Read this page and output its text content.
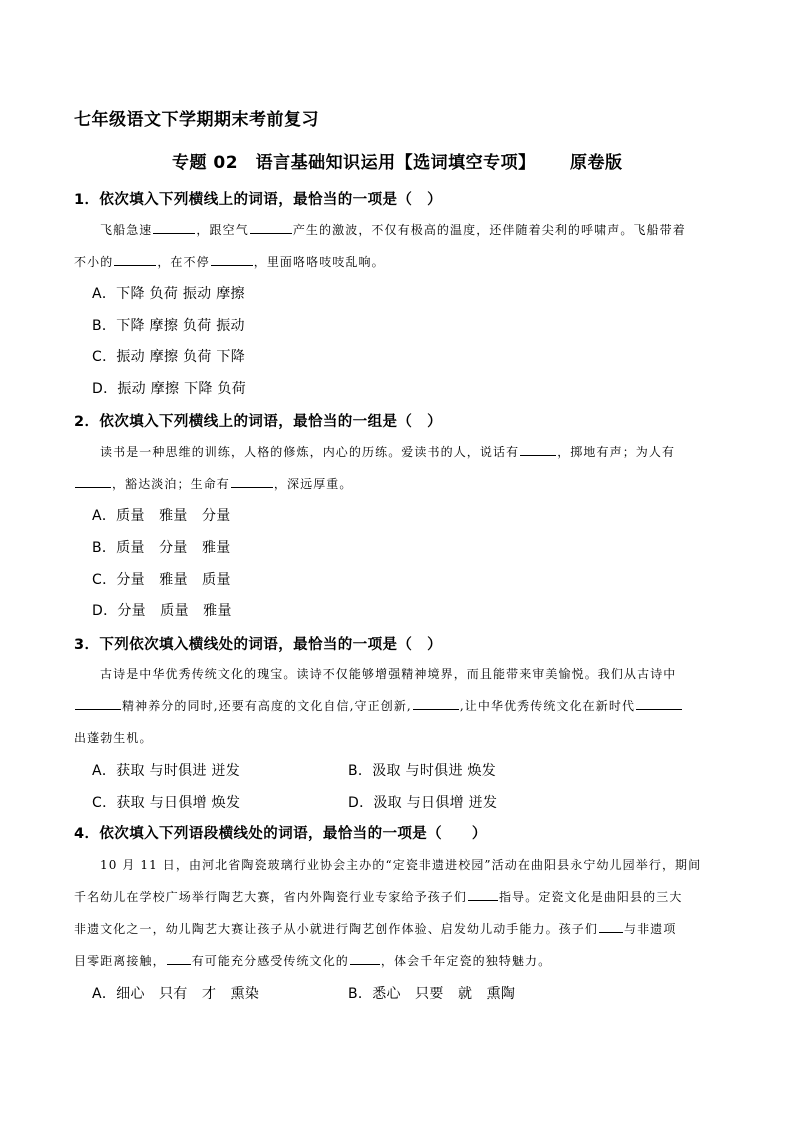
七年级语文下学期期末考前复习
专题 02　语言基础知识运用【选词填空专项】 原卷版
1．依次填入下列横线上的词语，最恰当的一项是（　）
飞船急速	，跟空气	产生的激波，不仅有极高的温度，还伴随着尖利的呼啸声。飞船带着
不小的	，在不停	，里面咯咯吱吱乱响。
A．下降 负荷 振动 摩擦
B．下降 摩擦 负荷 振动
C．振动 摩擦 负荷 下降
D．振动 摩擦 下降 负荷
2．依次填入下列横线上的词语，最恰当的一组是（　）
读书是一种思维的训练，人格的修炼，内心的历练。爱读书的人，说话有	，掷地有声；为人有
，豁达淡泊；生命有	，深远厚重。
A．质量　雅量　分量
B．质量　分量　雅量
C．分量　雅量　质量
D．分量　质量　雅量
3．下列依次填入横线处的词语，最恰当的一项是（　）
古诗是中华优秀传统文化的瑰宝。读诗不仅能够增强精神境界，而且能带来审美愉悦。我们从古诗中
精神养分的同时,还要有高度的文化自信,守正创新,	,让中华优秀传统文化在新时代
出蓬勃生机。
A．获取 与时俱进 迸发	B．汲取 与时俱进 焕发
C．获取 与日俱增 焕发	D．汲取 与日俱增 迸发
4．依次填入下列语段横线处的词语，最恰当的一项是（　　）
10 月 11 日，由河北省陶瓷玻璃行业协会主办的“定瓷非遗进校园”活动在曲阳县永宁幼儿园举行，期间
千名幼儿在学校广场举行陶艺大赛，省内外陶瓷行业专家给予孩子们	指导。定瓷文化是曲阳县的三大
非遗文化之一，幼儿陶艺大赛让孩子从小就进行陶艺创作体验、启发幼儿动手能力。孩子们 与非遗项
目零距离接触， 有可能充分感受传统文化的	，体会千年定瓷的独特魅力。
A．细心　只有　才　熏染	B．悉心　只要　就　熏陶
